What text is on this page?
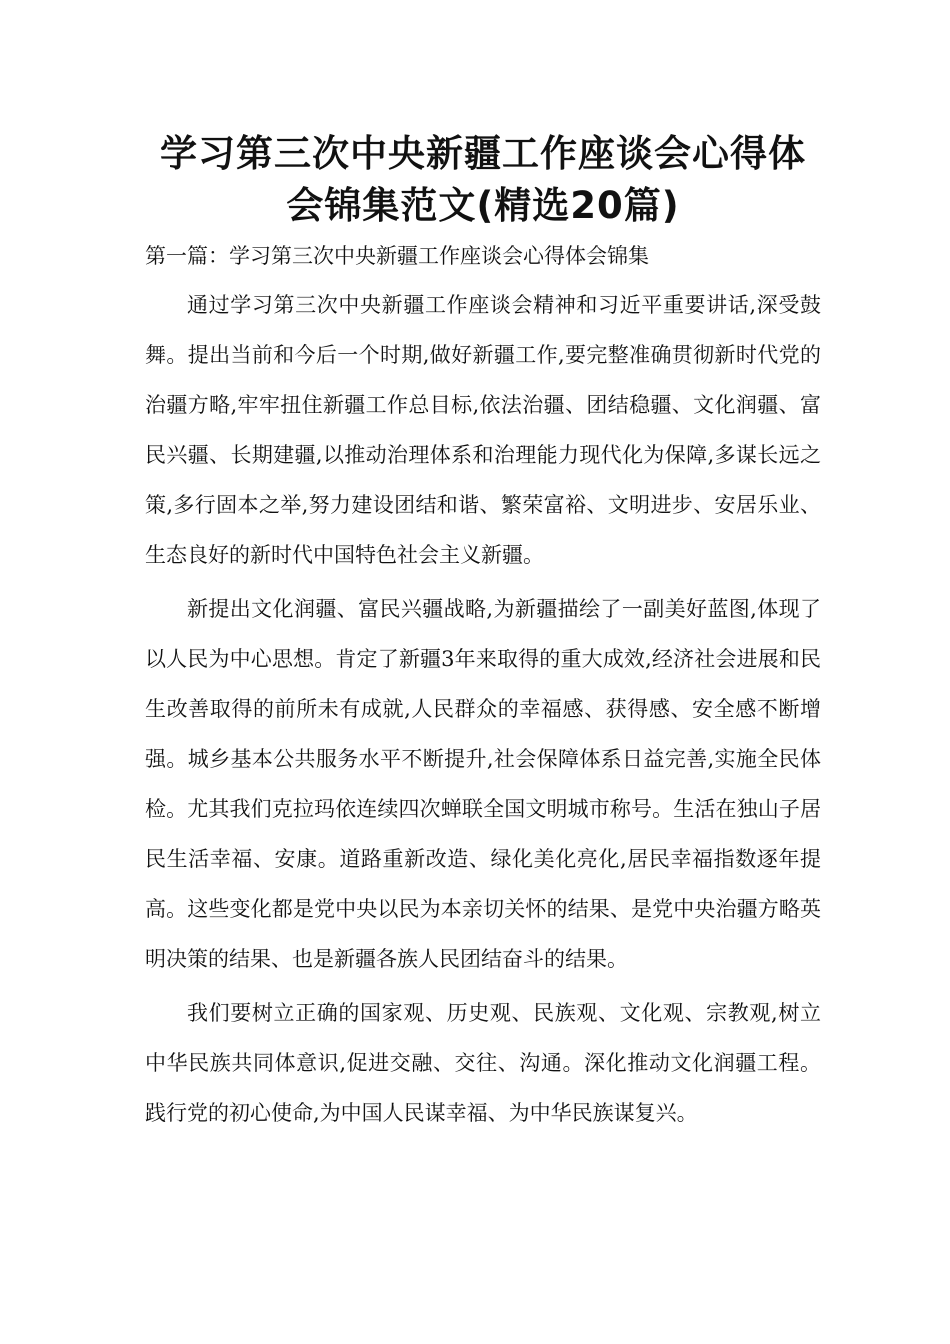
学习第三次中央新疆工作座谈会心得体
会锦集范文(精选20篇)

第一篇：学习第三次中央新疆工作座谈会心得体会锦集

通过学习第三次中央新疆工作座谈会精神和习近平重要讲话,深受鼓舞。提出当前和今后一个时期,做好新疆工作,要完整准确贯彻新时代党的治疆方略,牢牢扭住新疆工作总目标,依法治疆、团结稳疆、文化润疆、富民兴疆、长期建疆,以推动治理体系和治理能力现代化为保障,多谋长远之策,多行固本之举,努力建设团结和谐、繁荣富裕、文明进步、安居乐业、生态良好的新时代中国特色社会主义新疆。

新提出文化润疆、富民兴疆战略,为新疆描绘了一副美好蓝图,体现了以人民为中心思想。肯定了新疆3年来取得的重大成效,经济社会进展和民生改善取得的前所未有成就,人民群众的幸福感、获得感、安全感不断增强。城乡基本公共服务水平不断提升,社会保障体系日益完善,实施全民体检。尤其我们克拉玛依连续四次蝉联全国文明城市称号。生活在独山子居民生活幸福、安康。道路重新改造、绿化美化亮化,居民幸福指数逐年提高。这些变化都是党中央以民为本亲切关怀的结果、是党中央治疆方略英明决策的结果、也是新疆各族人民团结奋斗的结果。

我们要树立正确的国家观、历史观、民族观、文化观、宗教观,树立中华民族共同体意识,促进交融、交往、沟通。深化推动文化润疆工程。践行党的初心使命,为中国人民谋幸福、为中华民族谋复兴。
